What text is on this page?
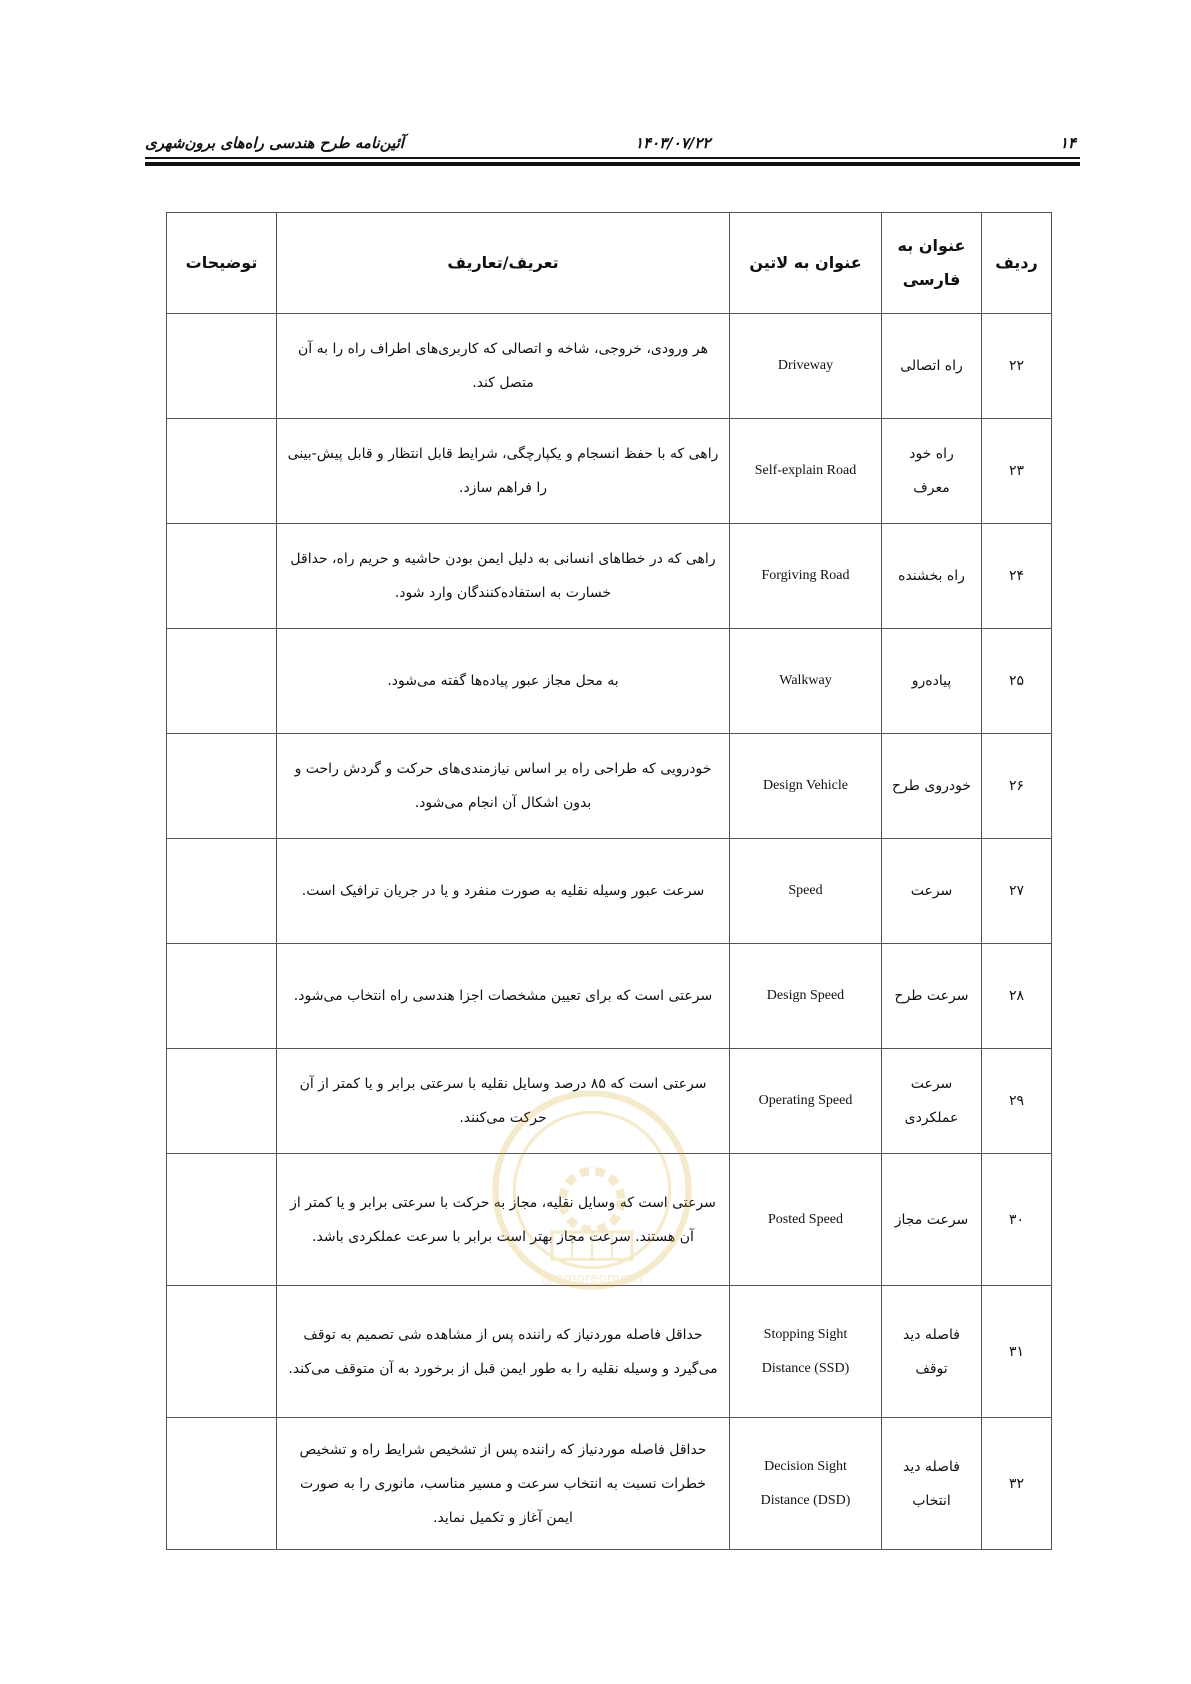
آئین‌نامه طرح هندسی راه‌های برون‌شهری	۱۴۰۳/۰۷/۲۲	۱۴
ردیف	عنوان به فارسی	عنوان به لاتین	تعریف/تعاریف	توضیحات
۲۲	راه اتصالی	Driveway	هر ورودی، خروجی، شاخه و اتصالی که کاربری‌های اطراف راه را به آن متصل کند.	
۲۳	راه خود معرف	Self-explain Road	راهی که با حفظ انسجام و یکپارچگی، شرایط قابل انتظار و قابل پیش-بینی را فراهم سازد.	
۲۴	راه بخشنده	Forgiving Road	راهی که در خطاهای انسانی به دلیل ایمن بودن حاشیه و حریم راه، حداقل خسارت به استفاده‌کنندگان وارد شود.	
۲۵	پیاده‌رو	Walkway	به محل مجاز عبور پیاده‌ها گفته می‌شود.	
۲۶	خودروی طرح	Design Vehicle	خودرویی که طراحی راه بر اساس نیازمندی‌های حرکت و گردش راحت و بدون اشکال آن انجام می‌شود.	
۲۷	سرعت	Speed	سرعت عبور وسیله نقلیه به صورت منفرد و یا در جریان ترافیک است.	
۲۸	سرعت طرح	Design Speed	سرعتی است که برای تعیین مشخصات اجزا هندسی راه انتخاب می‌شود.	
۲۹	سرعت عملکردی	Operating Speed	سرعتی است که ۸۵ درصد وسایل نقلیه با سرعتی برابر و یا کمتر از آن حرکت می‌کنند.	
۳۰	سرعت مجاز	Posted Speed	سرعتی است که وسایل نقلیه، مجاز به حرکت با سرعتی برابر و یا کمتر از آن هستند. سرعت مجاز بهتر است برابر با سرعت عملکردی باشد.	
۳۱	فاصله دید توقف	Stopping Sight Distance (SSD)	حداقل فاصله موردنیاز که راننده پس از مشاهده شی تصمیم به توقف می‌گیرد و وسیله نقلیه را به طور ایمن قبل از برخورد به آن متوقف می‌کند.	
۳۲	فاصله دید انتخاب	Decision Sight Distance (DSD)	حداقل فاصله موردنیاز که راننده پس از تشخیص شرایط راه و تشخیص خطرات نسبت به انتخاب سرعت و مسیر مناسب، مانوری را به صورت ایمن آغاز و تکمیل نماید.	
@omoreomran
